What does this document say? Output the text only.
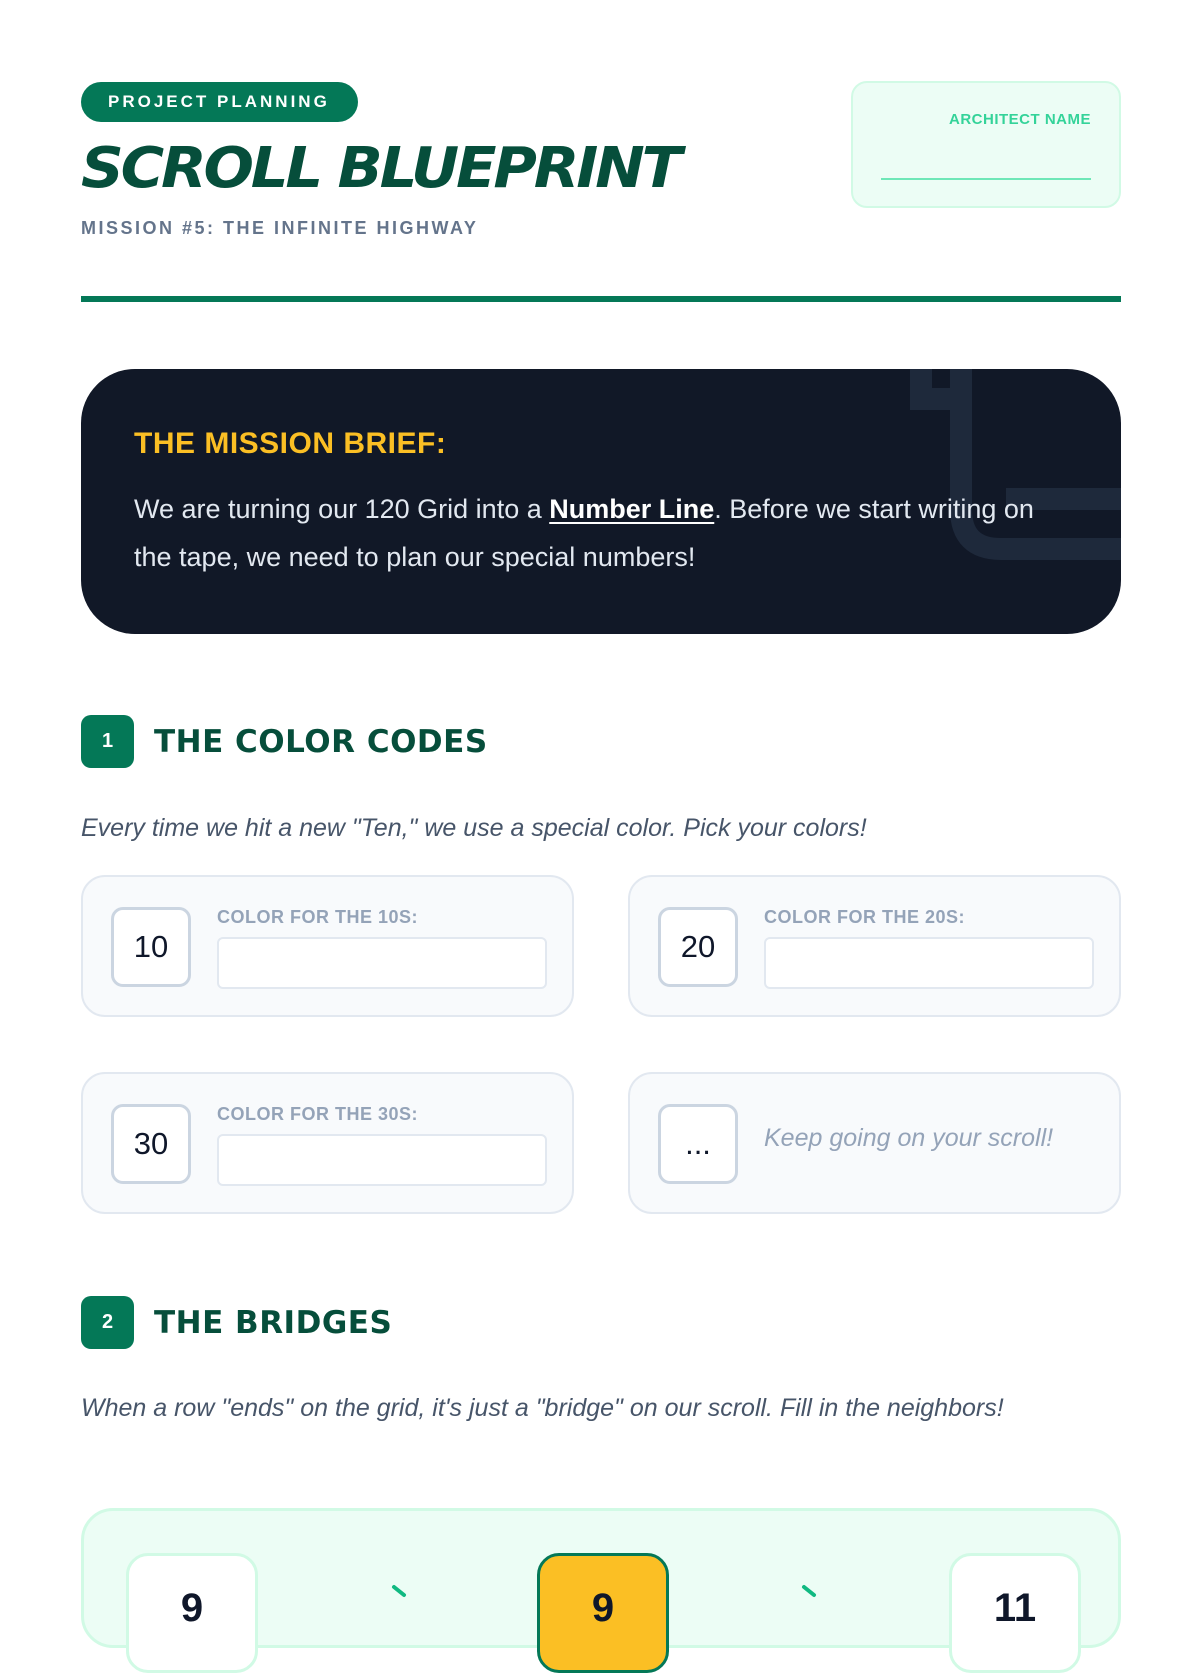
PROJECT PLANNING
SCROLL BLUEPRINT
MISSION #5: THE INFINITE HIGHWAY
ARCHITECT NAME
THE MISSION BRIEF:
We are turning our 120 Grid into a Number Line. Before we start writing on the tape, we need to plan our special numbers!
1	THE COLOR CODES
Every time we hit a new "Ten," we use a special color. Pick your colors!
10
COLOR FOR THE 10S:
20
COLOR FOR THE 20S:
30
COLOR FOR THE 30S:
...	Keep going on your scroll!
2	THE BRIDGES
When a row "ends" on the grid, it's just a "bridge" on our scroll. Fill in the neighbors!
9	9	11
